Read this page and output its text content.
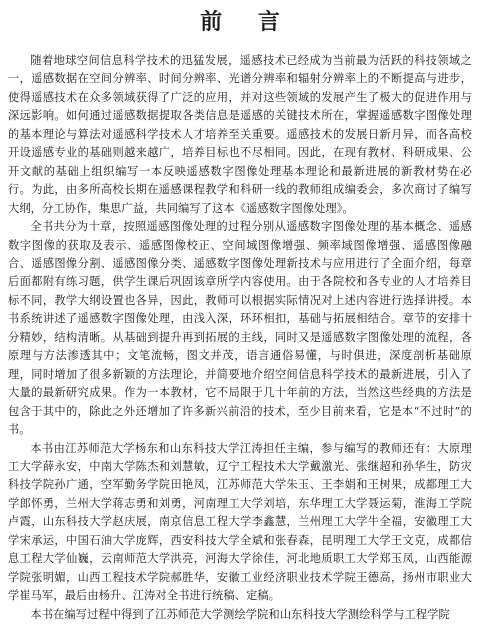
前 言

随着地球空间信息科学技术的迅猛发展，遥感技术已经成为当前最为活跃的科技领域之一，遥感数据在空间分辨率、时间分辨率、光谱分辨率和辐射分辨率上的不断提高与进步，使得遥感技术在众多领域获得了广泛的应用，并对这些领域的发展产生了极大的促进作用与深远影响。如何通过遥感数据提取各类信息是遥感的关键技术所在，掌握遥感数字图像处理的基本理论与算法对遥感科学技术人才培养至关重要。遥感技术的发展日新月异，而各高校开设遥感专业的基础则越来越广，培养目标也不尽相同。因此，在现有教材、科研成果、公开文献的基础上组织编写一本反映遥感数字图像处理基本理论和最新进展的新教材势在必行。为此，由多所高校长期在遥感课程教学和科研一线的教师组成编委会，多次商讨了编写大纲，分工协作，集思广益，共同编写了这本《遥感数字图像处理》。

全书共分为十章，按照遥感图像处理的过程分别从遥感数字图像处理的基本概念、遥感数字图像的获取及表示、遥感图像校正、空间域图像增强、频率域图像增强、遥感图像融合、遥感图像分割、遥感图像分类、遥感数字图像处理新技术与应用进行了全面介绍，每章后面都附有练习题，供学生课后巩固该章所学内容使用。由于各院校和各专业的人才培养目标不同，教学大纲设置也各异，因此，教师可以根据实际情况对上述内容进行选择讲授。本书系统讲述了遥感数字图像处理，由浅入深，环环相扣，基础与拓展相结合。章节的安排十分精妙，结构清晰。从基础到提升再到拓展的主线，同时又是遥感数字图像处理的流程，各原理与方法渗透其中；文笔流畅，图文并茂，语言通俗易懂，与时俱进，深度剖析基础原理，同时增加了很多新颖的方法理论，并简要地介绍空间信息科学技术的最新进展，引入了大量的最新研究成果。作为一本教材，它不局限于几十年前的方法，当然这些经典的方法是包含于其中的，除此之外还增加了许多新兴前沿的技术，至少目前来看，它是本“不过时”的书。

本书由江苏师范大学杨东和山东科技大学江涛担任主编，参与编写的教师还有：大原理工大学薛永安，中南大学陈杰和刘慧敏，辽宁工程技术大学戴激光、张继超和孙华生，防灾科技学院孙广通，空军勤务学院田艳凤，江苏师范大学朱玉、王李娟和王树果，成都理工大学郎怀勇，兰州大学蒋志勇和刘勇，河南理工大学刘培，东华理工大学聂运菊，淮海工学院卢霞，山东科技大学赵庆展，南京信息工程大学李鑫慧，兰州理工大学牛全福，安徽理工大学宋承运，中国石油大学庞辉，西安科技大学全斌和张春森，昆明理工大学王文克，成都信息工程大学仙巍，云南师范大学洪亮，河海大学徐佳，河北地质职工大学郑玉凤，山西能源学院张明媚，山西工程技术学院郝胜华，安徽工业经济职业技术学院王德高，扬州市职业大学崔马军，最后由杨升、江涛对全书进行统稿、定稿。

本书在编写过程中得到了江苏师范大学测绘学院和山东科技大学测绘科学与工程学院
